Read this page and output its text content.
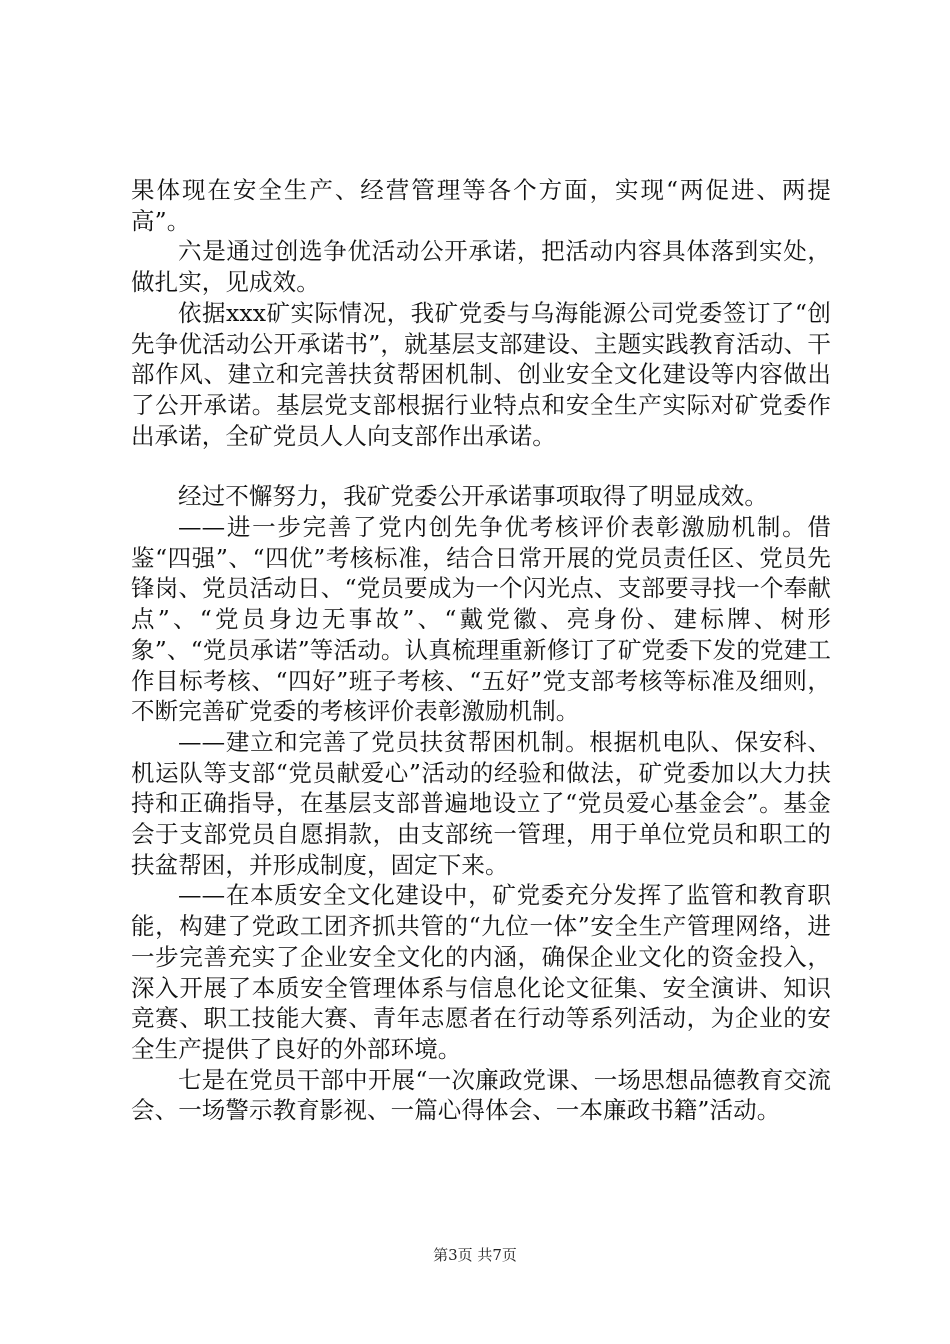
果体现在安全生产、经营管理等各个方面，实现“两促进、两提高”。

六是通过创选争优活动公开承诺，把活动内容具体落到实处，做扎实，见成效。

依据xxx矿实际情况，我矿党委与乌海能源公司党委签订了“创先争优活动公开承诺书”，就基层支部建设、主题实践教育活动、干部作风、建立和完善扶贫帮困机制、创业安全文化建设等内容做出了公开承诺。基层党支部根据行业特点和安全生产实际对矿党委作出承诺，全矿党员人人向支部作出承诺。

经过不懈努力，我矿党委公开承诺事项取得了明显成效。

——进一步完善了党内创先争优考核评价表彰激励机制。借鉴“四强”、“四优”考核标准，结合日常开展的党员责任区、党员先锋岗、党员活动日、“党员要成为一个闪光点、支部要寻找一个奉献点”、“党员身边无事故”、“戴党徽、亮身份、建标牌、树形象”、“党员承诺”等活动。认真梳理重新修订了矿党委下发的党建工作目标考核、“四好”班子考核、“五好”党支部考核等标准及细则，不断完善矿党委的考核评价表彰激励机制。

——建立和完善了党员扶贫帮困机制。根据机电队、保安科、机运队等支部“党员献爱心”活动的经验和做法，矿党委加以大力扶持和正确指导，在基层支部普遍地设立了“党员爱心基金会”。基金会于支部党员自愿捐款，由支部统一管理，用于单位党员和职工的扶盆帮困，并形成制度，固定下来。

——在本质安全文化建设中，矿党委充分发挥了监管和教育职能，构建了党政工团齐抓共管的“九位一体”安全生产管理网络，进一步完善充实了企业安全文化的内涵，确保企业文化的资金投入，深入开展了本质安全管理体系与信息化论文征集、安全演讲、知识竞赛、职工技能大赛、青年志愿者在行动等系列活动，为企业的安全生产提供了良好的外部环境。

七是在党员干部中开展“一次廉政党课、一场思想品德教育交流会、一场警示教育影视、一篇心得体会、一本廉政书籍”活动。

第3页 共7页
